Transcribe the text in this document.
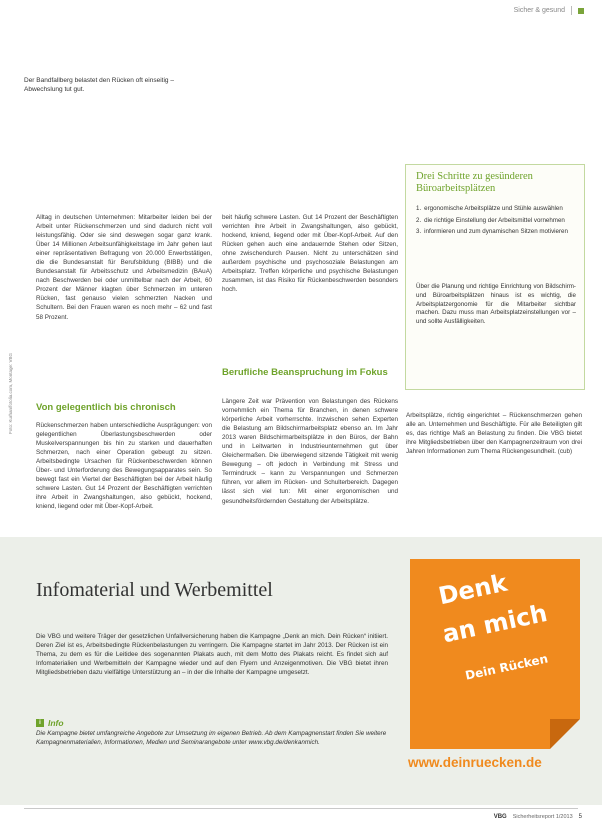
Sicher & gesund
Der Bandfallberg belastet den Rücken oft einseitig – Abwechslung tut gut.
Foto: Kurhan/fotolia.com, Montage: VBG

Alltag in deutschen Unternehmen: Mitarbeiter leiden bei der Arbeit unter Rückenschmerzen und sind dadurch nicht voll leistungsfähig. Oder sie sind deswegen sogar ganz krank. Über 14 Millionen Arbeitsunfähigkeitstage im Jahr gehen laut einer repräsentativen Befragung von 20.000 Erwerbstätigen, die die Bundesanstalt für Berufsbildung (BIBB) und die Bundesanstalt für Arbeitsschutz und Arbeitsmedizin (BAuA) nach Beschwerden bei oder unmittelbar nach der Arbeit, 60 Prozent der Männer klagten über Schmerzen im unteren Rücken, fast genauso vielen schmerzten Nacken und Schultern. Bei den Frauen waren es noch mehr – 62 und fast 58 Prozent.

Von gelegentlich bis chronisch

Rückenschmerzen haben unterschiedliche Ausprägungen: von gelegentlichen Überlastungsbeschwerden oder Muskelverspannungen bis hin zu starken und dauerhaften Schmerzen, nach einer Operation gebeugt zu sitzen. Arbeitsbedingte Ursachen für Rückenbeschwerden können Über- und Unterforderung des Bewegungsapparates sein. So bewegt fast ein Viertel der Beschäftigten bei der Arbeit häufig schwere Lasten. Gut 14 Prozent der Beschäftigten verrichten ihre Arbeit in Zwangshaltungen, also gebückt, hockend, kniend, liegend oder mit Über-Kopf-Arbeit.

beit häufig schwere Lasten. Gut 14 Prozent der Beschäftigten verrichten ihre Arbeit in Zwangshaltungen, also gebückt, hockend, kniend, liegend oder mit Über-Kopf-Arbeit. Auf den Rücken gehen auch eine andauernde Stehen oder Sitzen, ohne zwischendurch Pausen. Nicht zu unterschätzen sind außerdem psychische und psychosoziale Belastungen am Arbeitsplatz. Treffen körperliche und psychische Belastungen zusammen, ist das Risiko für Rückenbeschwerden besonders hoch.

Berufliche Beanspruchung im Fokus

Längere Zeit war Prävention von Belastungen des Rückens vornehmlich ein Thema für Branchen, in denen schwere körperliche Arbeit vorherrschte. Inzwischen sehen Experten die Belastung am Bildschirmarbeitsplatz ebenso an. Im Jahr 2013 waren Bildschirmarbeitsplätze in den Büros, der Bahn und in Leitwarten in Industrieunternehmen gut über Gleichermaßen. Die überwiegend sitzende Tätigkeit mit wenig Bewegung – oft jedoch in Verbindung mit Stress und Termindruck – kann zu Verspannungen und Schmerzen führen, vor allem im Rücken- und Schulterbereich. Dagegen lässt sich viel tun: Mit einer ergonomischen und gesundheitsfördernden Gestaltung der Arbeitsplätze.

Arbeitsplätze, richtig eingerichtet – Rückenschmerzen gehen alle an. Unternehmen und Beschäftigte. Für alle Beteiligten gilt es, das richtige Maß an Belastung zu finden. Die VBG bietet ihre Mitgliedsbetrieben über den Kampagnenzeitraum von drei Jahren Informationen zum Thema Rückengesundheit. (cub)

Drei Schritte zu gesünderen Büroarbeitsplätzen
1. ergonomische Arbeitsplätze und Stühle auswählen
2. die richtige Einstellung der Arbeitsmittel vornehmen
3. informieren und zum dynamischen Sitzen motivieren
Über die Planung und richtige Einrichtung von Bildschirm- und Büroarbeitsplätzen hinaus ist es wichtig, die Arbeitsplatzergonomie für die Mitarbeiter sichtbar machen. Dazu muss man Arbeitsplatzeinstellungen vor – und sollte Ausfälligkeiten.
Infomaterial und Werbemittel
Die VBG und weitere Träger der gesetzlichen Unfallversicherung haben die Kampagne „Denk an mich. Dein Rücken“ initiiert. Deren Ziel ist es, Arbeitsbedingte Rückenbelastungen zu verringern. Die Kampagne startet im Jahr 2013. Der Rücken ist ein Thema, zu dem es für die Leitidee des sogenannten Plakats auch, mit dem Motto des Plakats reicht. Es findet sich auf Infomaterialien und Werbemitteln der Kampagne wieder und auf den Flyern und Anzeigenmotiven. Die VBG bietet ihren Mitgliedsbetrieben dazu vielfältige Unterstützung an – in der die Inhalte der Kampagne umgesetzt.
i Info
Die Kampagne bietet umfangreiche Angebote zur Umsetzung im eigenen Betrieb. Ab dem Kampagnenstart finden Sie weitere Kampagnenmaterialien, Informationen, Medien und Seminarangebote unter www.vbg.de/denkanmich.
Denk
an mich
Dein Rücken
www.deinruecken.de
VBG Sicherheitsreport 1/2013 5
